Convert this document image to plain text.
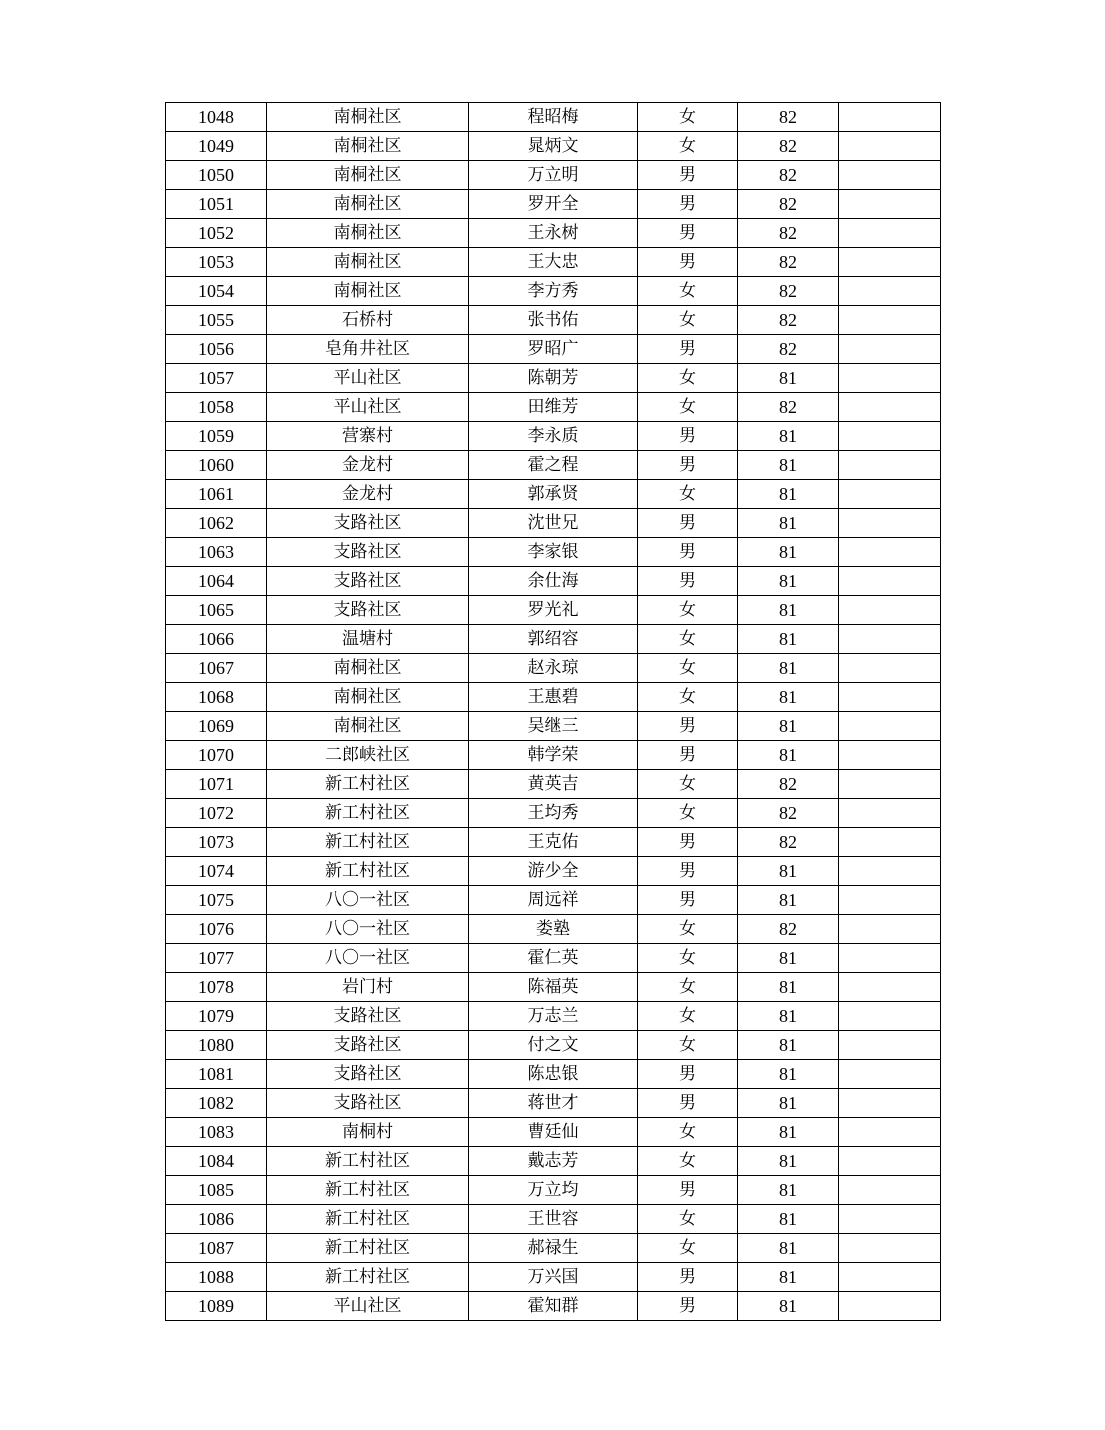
1048	南桐社区	程昭梅	女	82	
1049	南桐社区	晁炳文	女	82	
1050	南桐社区	万立明	男	82	
1051	南桐社区	罗开全	男	82	
1052	南桐社区	王永树	男	82	
1053	南桐社区	王大忠	男	82	
1054	南桐社区	李方秀	女	82	
1055	石桥村	张书佑	女	82	
1056	皂角井社区	罗昭广	男	82	
1057	平山社区	陈朝芳	女	81	
1058	平山社区	田维芳	女	82	
1059	营寨村	李永质	男	81	
1060	金龙村	霍之程	男	81	
1061	金龙村	郭承贤	女	81	
1062	支路社区	沈世兄	男	81	
1063	支路社区	李家银	男	81	
1064	支路社区	余仕海	男	81	
1065	支路社区	罗光礼	女	81	
1066	温塘村	郭绍容	女	81	
1067	南桐社区	赵永琼	女	81	
1068	南桐社区	王惠碧	女	81	
1069	南桐社区	吴继三	男	81	
1070	二郎峡社区	韩学荣	男	81	
1071	新工村社区	黄英吉	女	82	
1072	新工村社区	王均秀	女	82	
1073	新工村社区	王克佑	男	82	
1074	新工村社区	游少全	男	81	
1075	八〇一社区	周远祥	男	81	
1076	八〇一社区	娄塾	女	82	
1077	八〇一社区	霍仁英	女	81	
1078	岩门村	陈福英	女	81	
1079	支路社区	万志兰	女	81	
1080	支路社区	付之文	女	81	
1081	支路社区	陈忠银	男	81	
1082	支路社区	蒋世才	男	81	
1083	南桐村	曹廷仙	女	81	
1084	新工村社区	戴志芳	女	81	
1085	新工村社区	万立均	男	81	
1086	新工村社区	王世容	女	81	
1087	新工村社区	郝禄生	女	81	
1088	新工村社区	万兴国	男	81	
1089	平山社区	霍知群	男	81	
